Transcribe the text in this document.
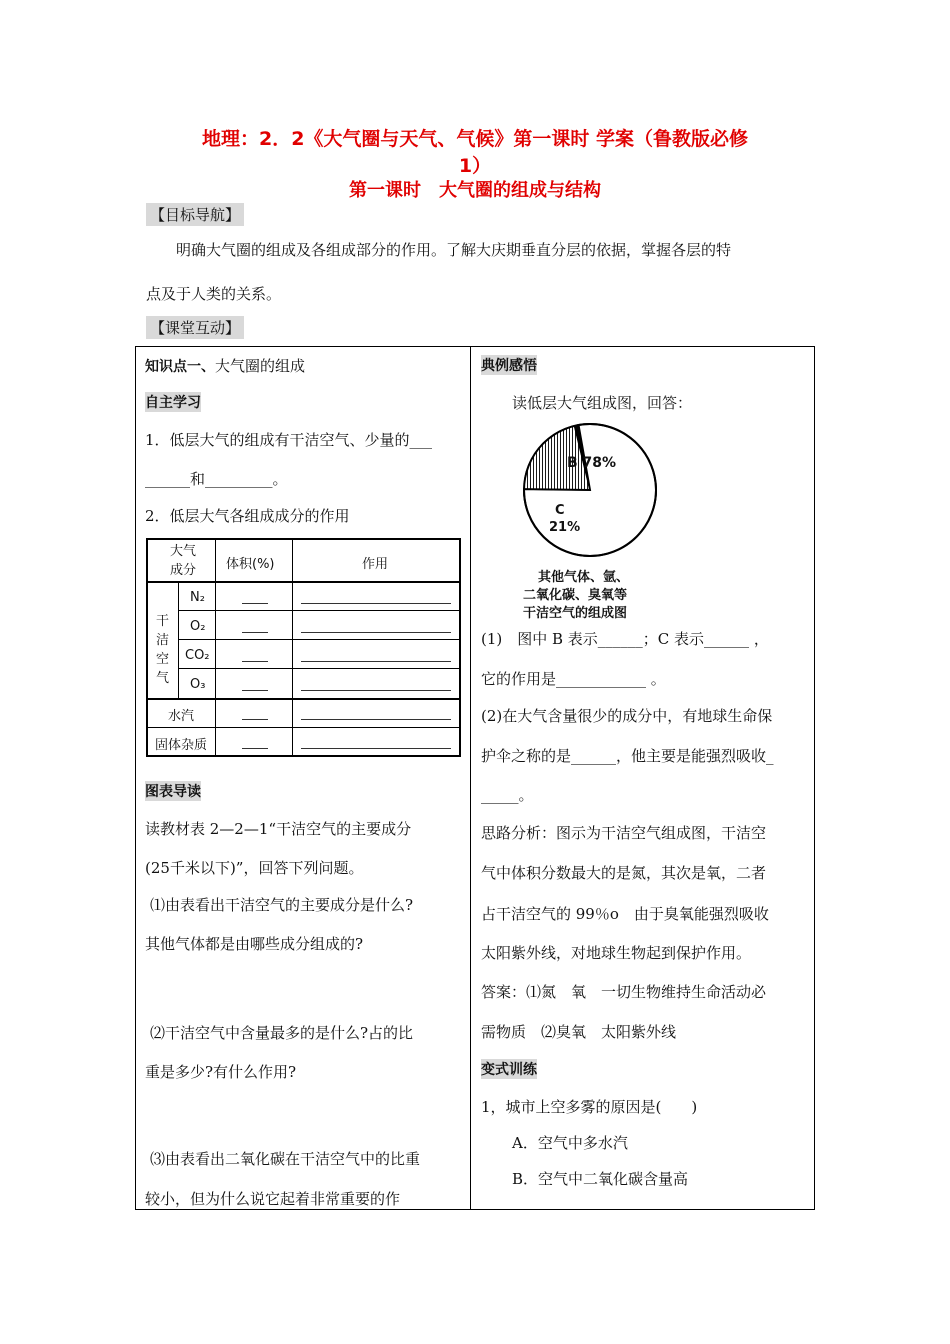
地理：2．2《大气圈与天气、气候》第一课时 学案（鲁教版必修
1）
第一课时　大气圈的组成与结构
【目标导航】
明确大气圈的组成及各组成部分的作用。了解大庆期垂直分层的依据，掌握各层的特
点及于人类的关系。
【课堂互动】
知识点一、大气圈的组成
自主学习
1．低层大气的组成有干洁空气、少量的___
______和_________。
2．低层大气各组成成分的作用
大气
成分 体积(%)	作用
干洁空气
N₂
O₂
CO₂
O₃
水汽
固体杂质
图表导读
读教材表 2—2—1“干洁空气的主要成分
(25千米以下)”，回答下列问题。
⑴由表看出干洁空气的主要成分是什么?
其他气体都是由哪些成分组成的?
⑵干洁空气中含量最多的是什么?占的比
重是多少?有什么作用?
⑶由表看出二氧化碳在干洁空气中的比重
较小，但为什么说它起着非常重要的作
典例感悟
读低层大气组成图，回答：
B 78%
C
21%
其他气体、氩、
二氧化碳、臭氧等
干洁空气的组成图
(1)　图中 B 表示______；C 表示______ ，
它的作用是____________ 。
(2)在大气含量很少的成分中，有地球生命保
护伞之称的是______，他主要是能强烈吸收_
_____。
思路分析：图示为干洁空气组成图，干洁空
气中体积分数最大的是氮，其次是氧，二者
占干洁空气的 99％o　由于臭氧能强烈吸收
太阳紫外线，对地球生物起到保护作用。
答案：⑴氮　氧　一切生物维持生命活动必
需物质　⑵臭氧　太阳紫外线
变式训练
1，城市上空多雾的原因是(　　)
A．空气中多水汽
B．空气中二氧化碳含量高
